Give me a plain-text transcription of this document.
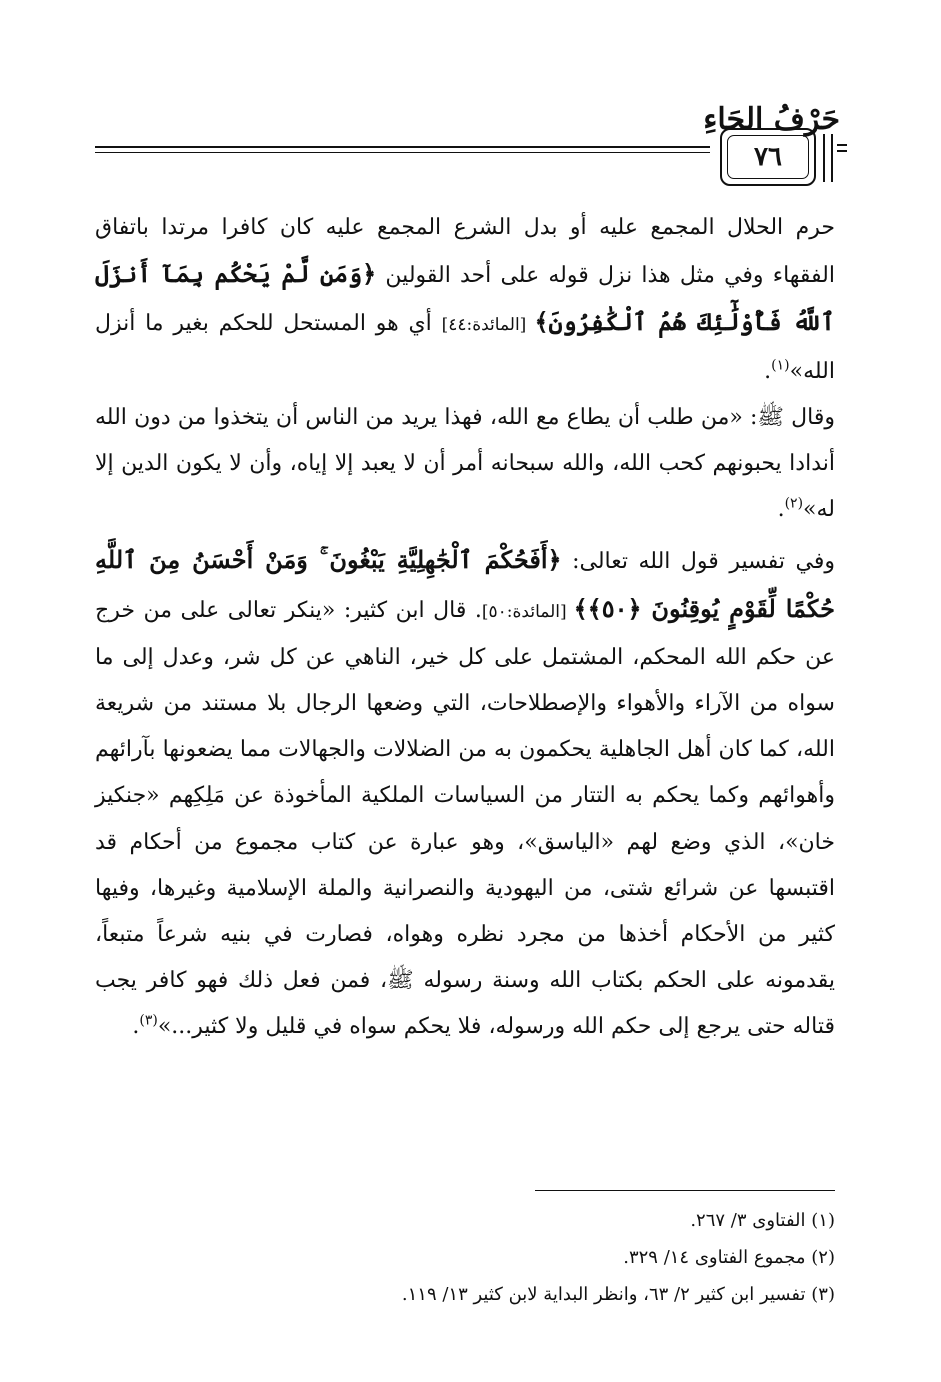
حَرْفُ الحَاءِ
٧٦

حرم الحلال المجمع عليه أو بدل الشرع المجمع عليه كان كافرا مرتدا باتفاق الفقهاء وفي مثل هذا نزل قوله على أحد القولين ﴿وَمَن لَّمْ يَحْكُم بِمَآ أَنزَلَ ٱللَّهُ فَأُوْلَٰٓئِكَ هُمُ ٱلْكَٰفِرُونَ﴾ [المائدة:٤٤] أي هو المستحل للحكم بغير ما أنزل الله»$^{(١)}$.

وقال ﷺ: «من طلب أن يطاع مع الله، فهذا يريد من الناس أن يتخذوا من دون الله أندادا يحبونهم كحب الله، والله سبحانه أمر أن لا يعبد إلا إياه، وأن لا يكون الدين إلا له»$^{(٢)}$.

وفي تفسير قول الله تعالى: ﴿أَفَحُكْمَ ٱلْجَٰهِلِيَّةِ يَبْغُونَ ۚ وَمَنْ أَحْسَنُ مِنَ ٱللَّهِ حُكْمًا لِّقَوْمٍ يُوقِنُونَ ﴿٥٠﴾﴾ [المائدة:٥٠]. قال ابن كثير: «ينكر تعالى على من خرج عن حكم الله المحكم، المشتمل على كل خير، الناهي عن كل شر، وعدل إلى ما سواه من الآراء والأهواء والإصطلاحات، التي وضعها الرجال بلا مستند من شريعة الله، كما كان أهل الجاهلية يحكمون به من الضلالات والجهالات مما يضعونها بآرائهم وأهوائهم وكما يحكم به التتار من السياسات الملكية المأخوذة عن مَلِكِهم «جنكيز خان»، الذي وضع لهم «الياسق»، وهو عبارة عن كتاب مجموع من أحكام قد اقتبسها عن شرائع شتى، من اليهودية والنصرانية والملة الإسلامية وغيرها، وفيها كثير من الأحكام أخذها من مجرد نظره وهواه، فصارت في بنيه شرعاً متبعاً، يقدمونه على الحكم بكتاب الله وسنة رسوله ﷺ، فمن فعل ذلك فهو كافر يجب قتاله حتى يرجع إلى حكم الله ورسوله، فلا يحكم سواه في قليل ولا كثير...»$^{(٣)}$.

(١) الفتاوى ٣/ ٢٦٧.
(٢) مجموع الفتاوى ١٤/ ٣٢٩.
(٣) تفسير ابن كثير ٢/ ٦٣، وانظر البداية لابن كثير ١٣/ ١١٩.
